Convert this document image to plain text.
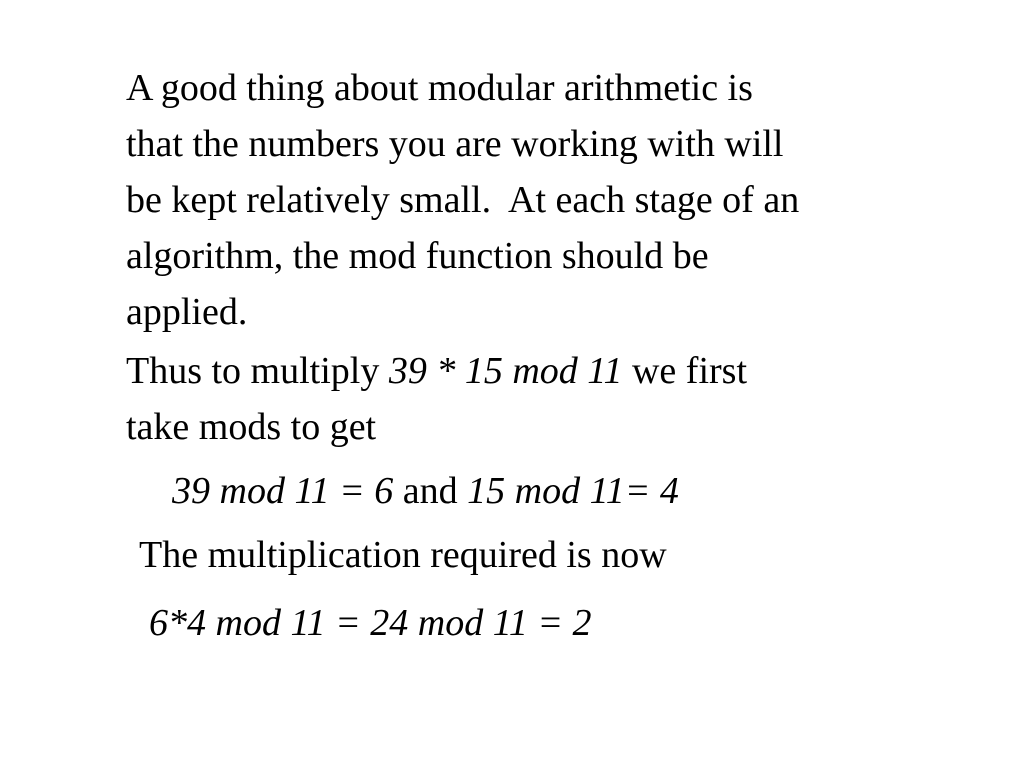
A good thing about modular arithmetic is
that the numbers you are working with will
be kept relatively small.  At each stage of an
algorithm, the mod function should be
applied.
Thus to multiply 39 * 15 mod 11 we first
take mods to get
39 mod 11 = 6 and 15 mod 11= 4
The multiplication required is now
6*4 mod 11 = 24 mod 11 = 2
